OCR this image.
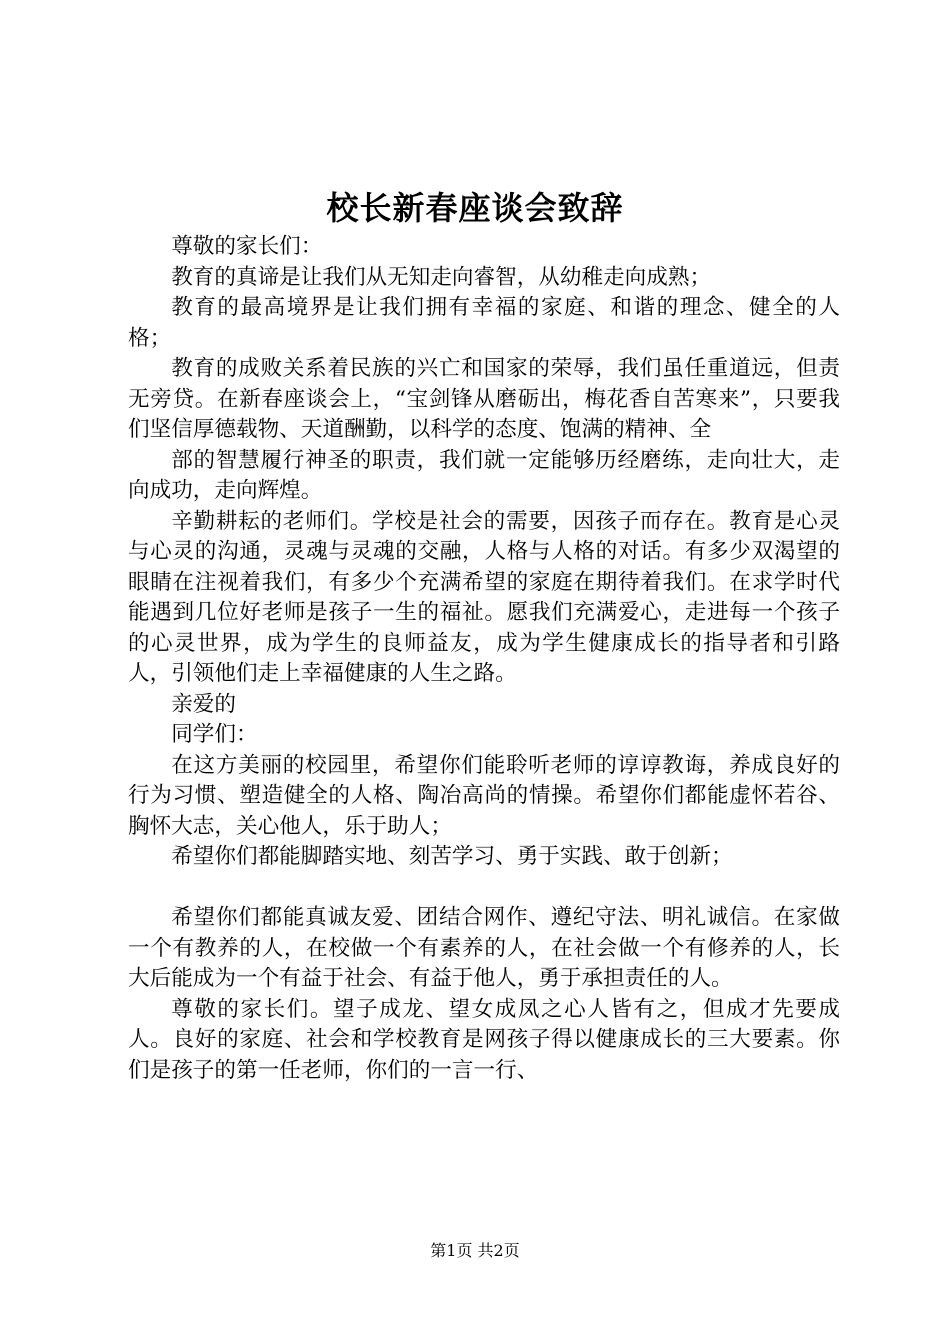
校长新春座谈会致辞

尊敬的家长们：

教育的真谛是让我们从无知走向睿智，从幼稚走向成熟；

教育的最高境界是让我们拥有幸福的家庭、和谐的理念、健全的人格；

教育的成败关系着民族的兴亡和国家的荣辱，我们虽任重道远，但责无旁贷。在新春座谈会上，“宝剑锋从磨砺出，梅花香自苦寒来”，只要我们坚信厚德载物、天道酬勤，以科学的态度、饱满的精神、全

部的智慧履行神圣的职责，我们就一定能够历经磨练，走向壮大，走向成功，走向辉煌。

辛勤耕耘的老师们。学校是社会的需要，因孩子而存在。教育是心灵与心灵的沟通，灵魂与灵魂的交融，人格与人格的对话。有多少双渴望的眼睛在注视着我们，有多少个充满希望的家庭在期待着我们。在求学时代能遇到几位好老师是孩子一生的福祉。愿我们充满爱心，走进每一个孩子的心灵世界，成为学生的良师益友，成为学生健康成长的指导者和引路人，引领他们走上幸福健康的人生之路。

亲爱的

同学们：

在这方美丽的校园里，希望你们能聆听老师的谆谆教诲，养成良好的行为习惯、塑造健全的人格、陶冶高尚的情操。希望你们都能虚怀若谷、胸怀大志，关心他人，乐于助人；

希望你们都能脚踏实地、刻苦学习、勇于实践、敢于创新；

希望你们都能真诚友爱、团结合网作、遵纪守法、明礼诚信。在家做一个有教养的人，在校做一个有素养的人，在社会做一个有修养的人，长大后能成为一个有益于社会、有益于他人，勇于承担责任的人。

尊敬的家长们。望子成龙、望女成凤之心人皆有之，但成才先要成人。良好的家庭、社会和学校教育是网孩子得以健康成长的三大要素。你们是孩子的第一任老师，你们的一言一行、

第1页 共2页
